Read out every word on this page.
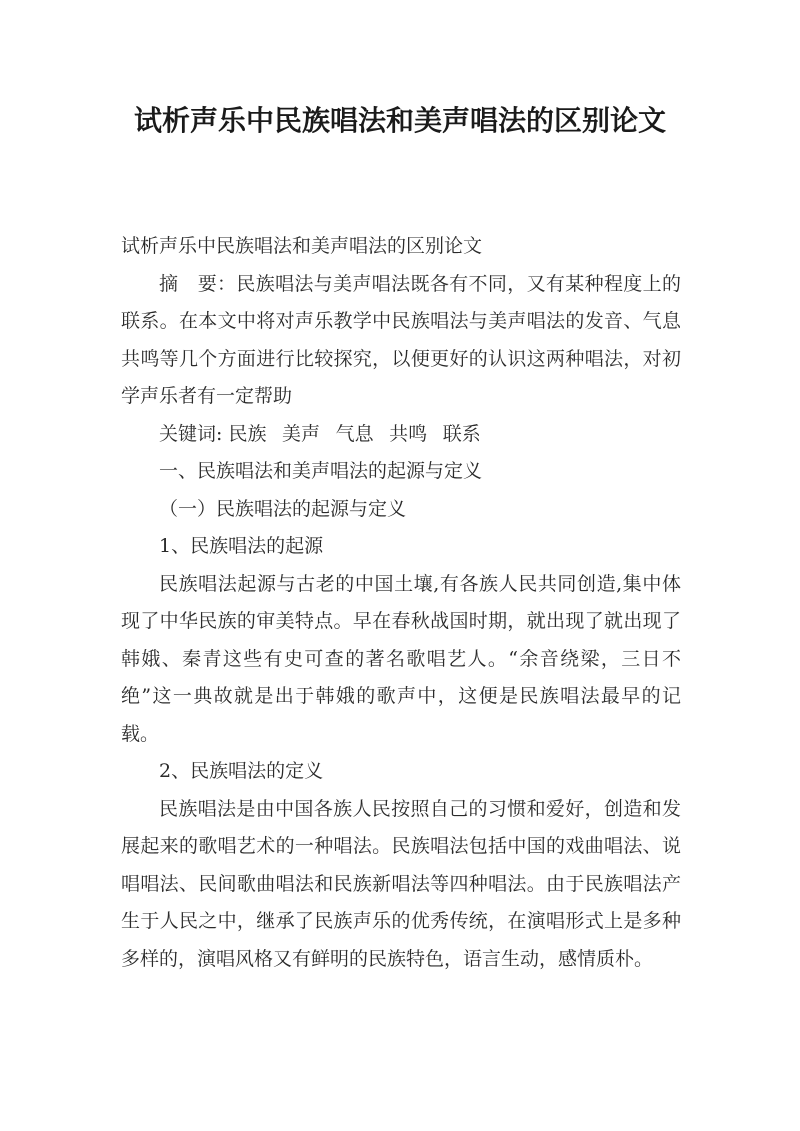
试析声乐中民族唱法和美声唱法的区别论文

试析声乐中民族唱法和美声唱法的区别论文

摘　要：民族唱法与美声唱法既各有不同，又有某种程度上的联系。在本文中将对声乐教学中民族唱法与美声唱法的发音、气息共鸣等几个方面进行比较探究，以便更好的认识这两种唱法，对初学声乐者有一定帮助

关键词: 民族 美声 气息 共鸣 联系

一、民族唱法和美声唱法的起源与定义

（一）民族唱法的起源与定义

1、民族唱法的起源

民族唱法起源与古老的中国土壤,有各族人民共同创造,集中体现了中华民族的审美特点。早在春秋战国时期，就出现了就出现了韩娥、秦青这些有史可查的著名歌唱艺人。“余音绕梁，三日不绝”这一典故就是出于韩娥的歌声中，这便是民族唱法最早的记载。

2、民族唱法的定义

民族唱法是由中国各族人民按照自己的习惯和爱好，创造和发展起来的歌唱艺术的一种唱法。民族唱法包括中国的戏曲唱法、说唱唱法、民间歌曲唱法和民族新唱法等四种唱法。由于民族唱法产生于人民之中，继承了民族声乐的优秀传统，在演唱形式上是多种多样的，演唱风格又有鲜明的民族特色，语言生动，感情质朴。
